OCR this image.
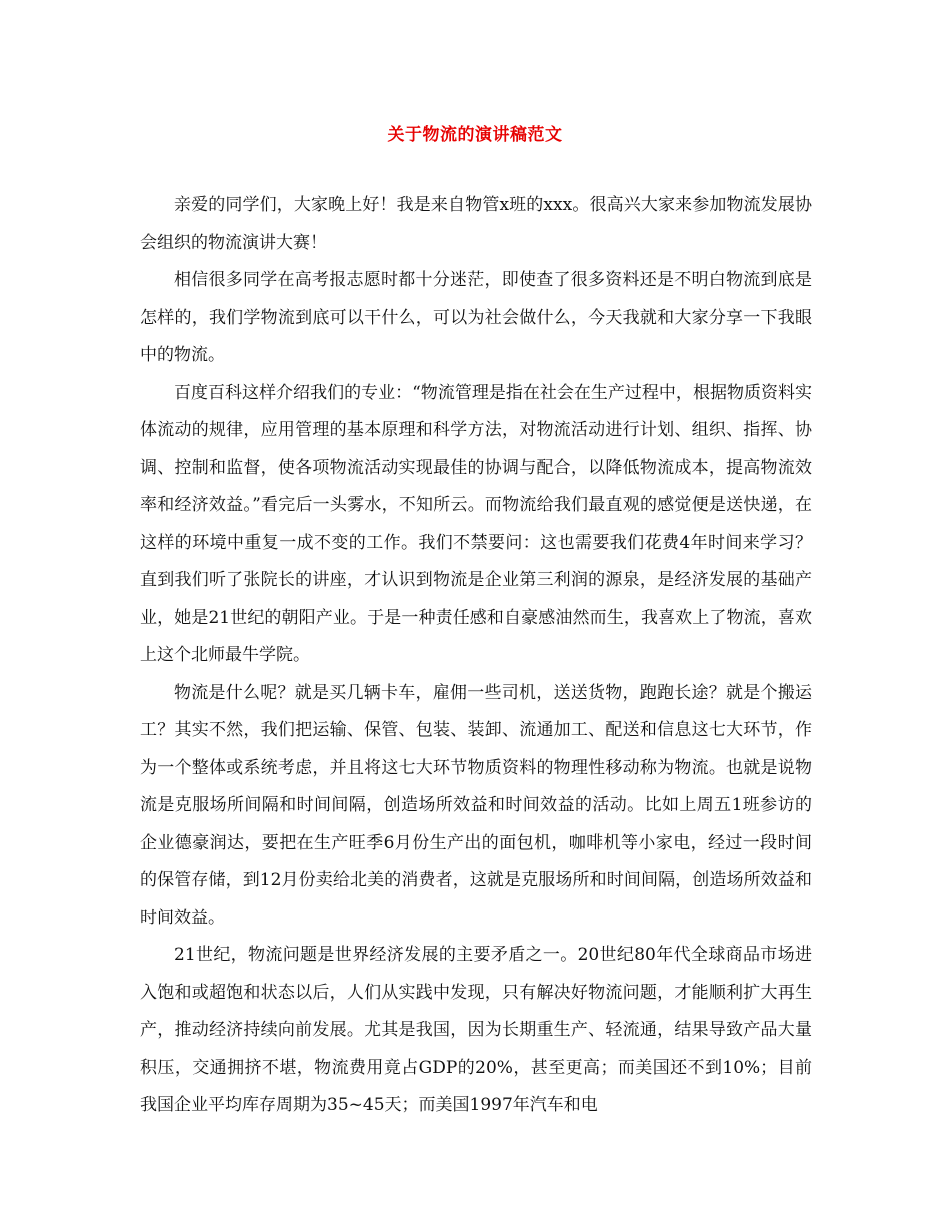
关于物流的演讲稿范文

亲爱的同学们，大家晚上好！我是来自物管x班的xxx。很高兴大家来参加物流发展协会组织的物流演讲大赛！

相信很多同学在高考报志愿时都十分迷茫，即使查了很多资料还是不明白物流到底是怎样的，我们学物流到底可以干什么，可以为社会做什么，今天我就和大家分享一下我眼中的物流。

百度百科这样介绍我们的专业：“物流管理是指在社会在生产过程中，根据物质资料实体流动的规律，应用管理的基本原理和科学方法，对物流活动进行计划、组织、指挥、协调、控制和监督，使各项物流活动实现最佳的协调与配合，以降低物流成本，提高物流效率和经济效益。”看完后一头雾水，不知所云。而物流给我们最直观的感觉便是送快递，在这样的环境中重复一成不变的工作。我们不禁要问：这也需要我们花费4年时间来学习？直到我们听了张院长的讲座，才认识到物流是企业第三利润的源泉，是经济发展的基础产业，她是21世纪的朝阳产业。于是一种责任感和自豪感油然而生，我喜欢上了物流，喜欢上这个北师最牛学院。

物流是什么呢？就是买几辆卡车，雇佣一些司机，送送货物，跑跑长途？就是个搬运工？其实不然，我们把运输、保管、包装、装卸、流通加工、配送和信息这七大环节，作为一个整体或系统考虑，并且将这七大环节物质资料的物理性移动称为物流。也就是说物流是克服场所间隔和时间间隔，创造场所效益和时间效益的活动。比如上周五1班参访的企业德豪润达，要把在生产旺季6月份生产出的面包机，咖啡机等小家电，经过一段时间的保管存储，到12月份卖给北美的消费者，这就是克服场所和时间间隔，创造场所效益和时间效益。

21世纪，物流问题是世界经济发展的主要矛盾之一。20世纪80年代全球商品市场进入饱和或超饱和状态以后，人们从实践中发现，只有解决好物流问题，才能顺利扩大再生产，推动经济持续向前发展。尤其是我国，因为长期重生产、轻流通，结果导致产品大量积压，交通拥挤不堪，物流费用竟占GDP的20%，甚至更高；而美国还不到10%；目前我国企业平均库存周期为35~45天；而美国1997年汽车和电
